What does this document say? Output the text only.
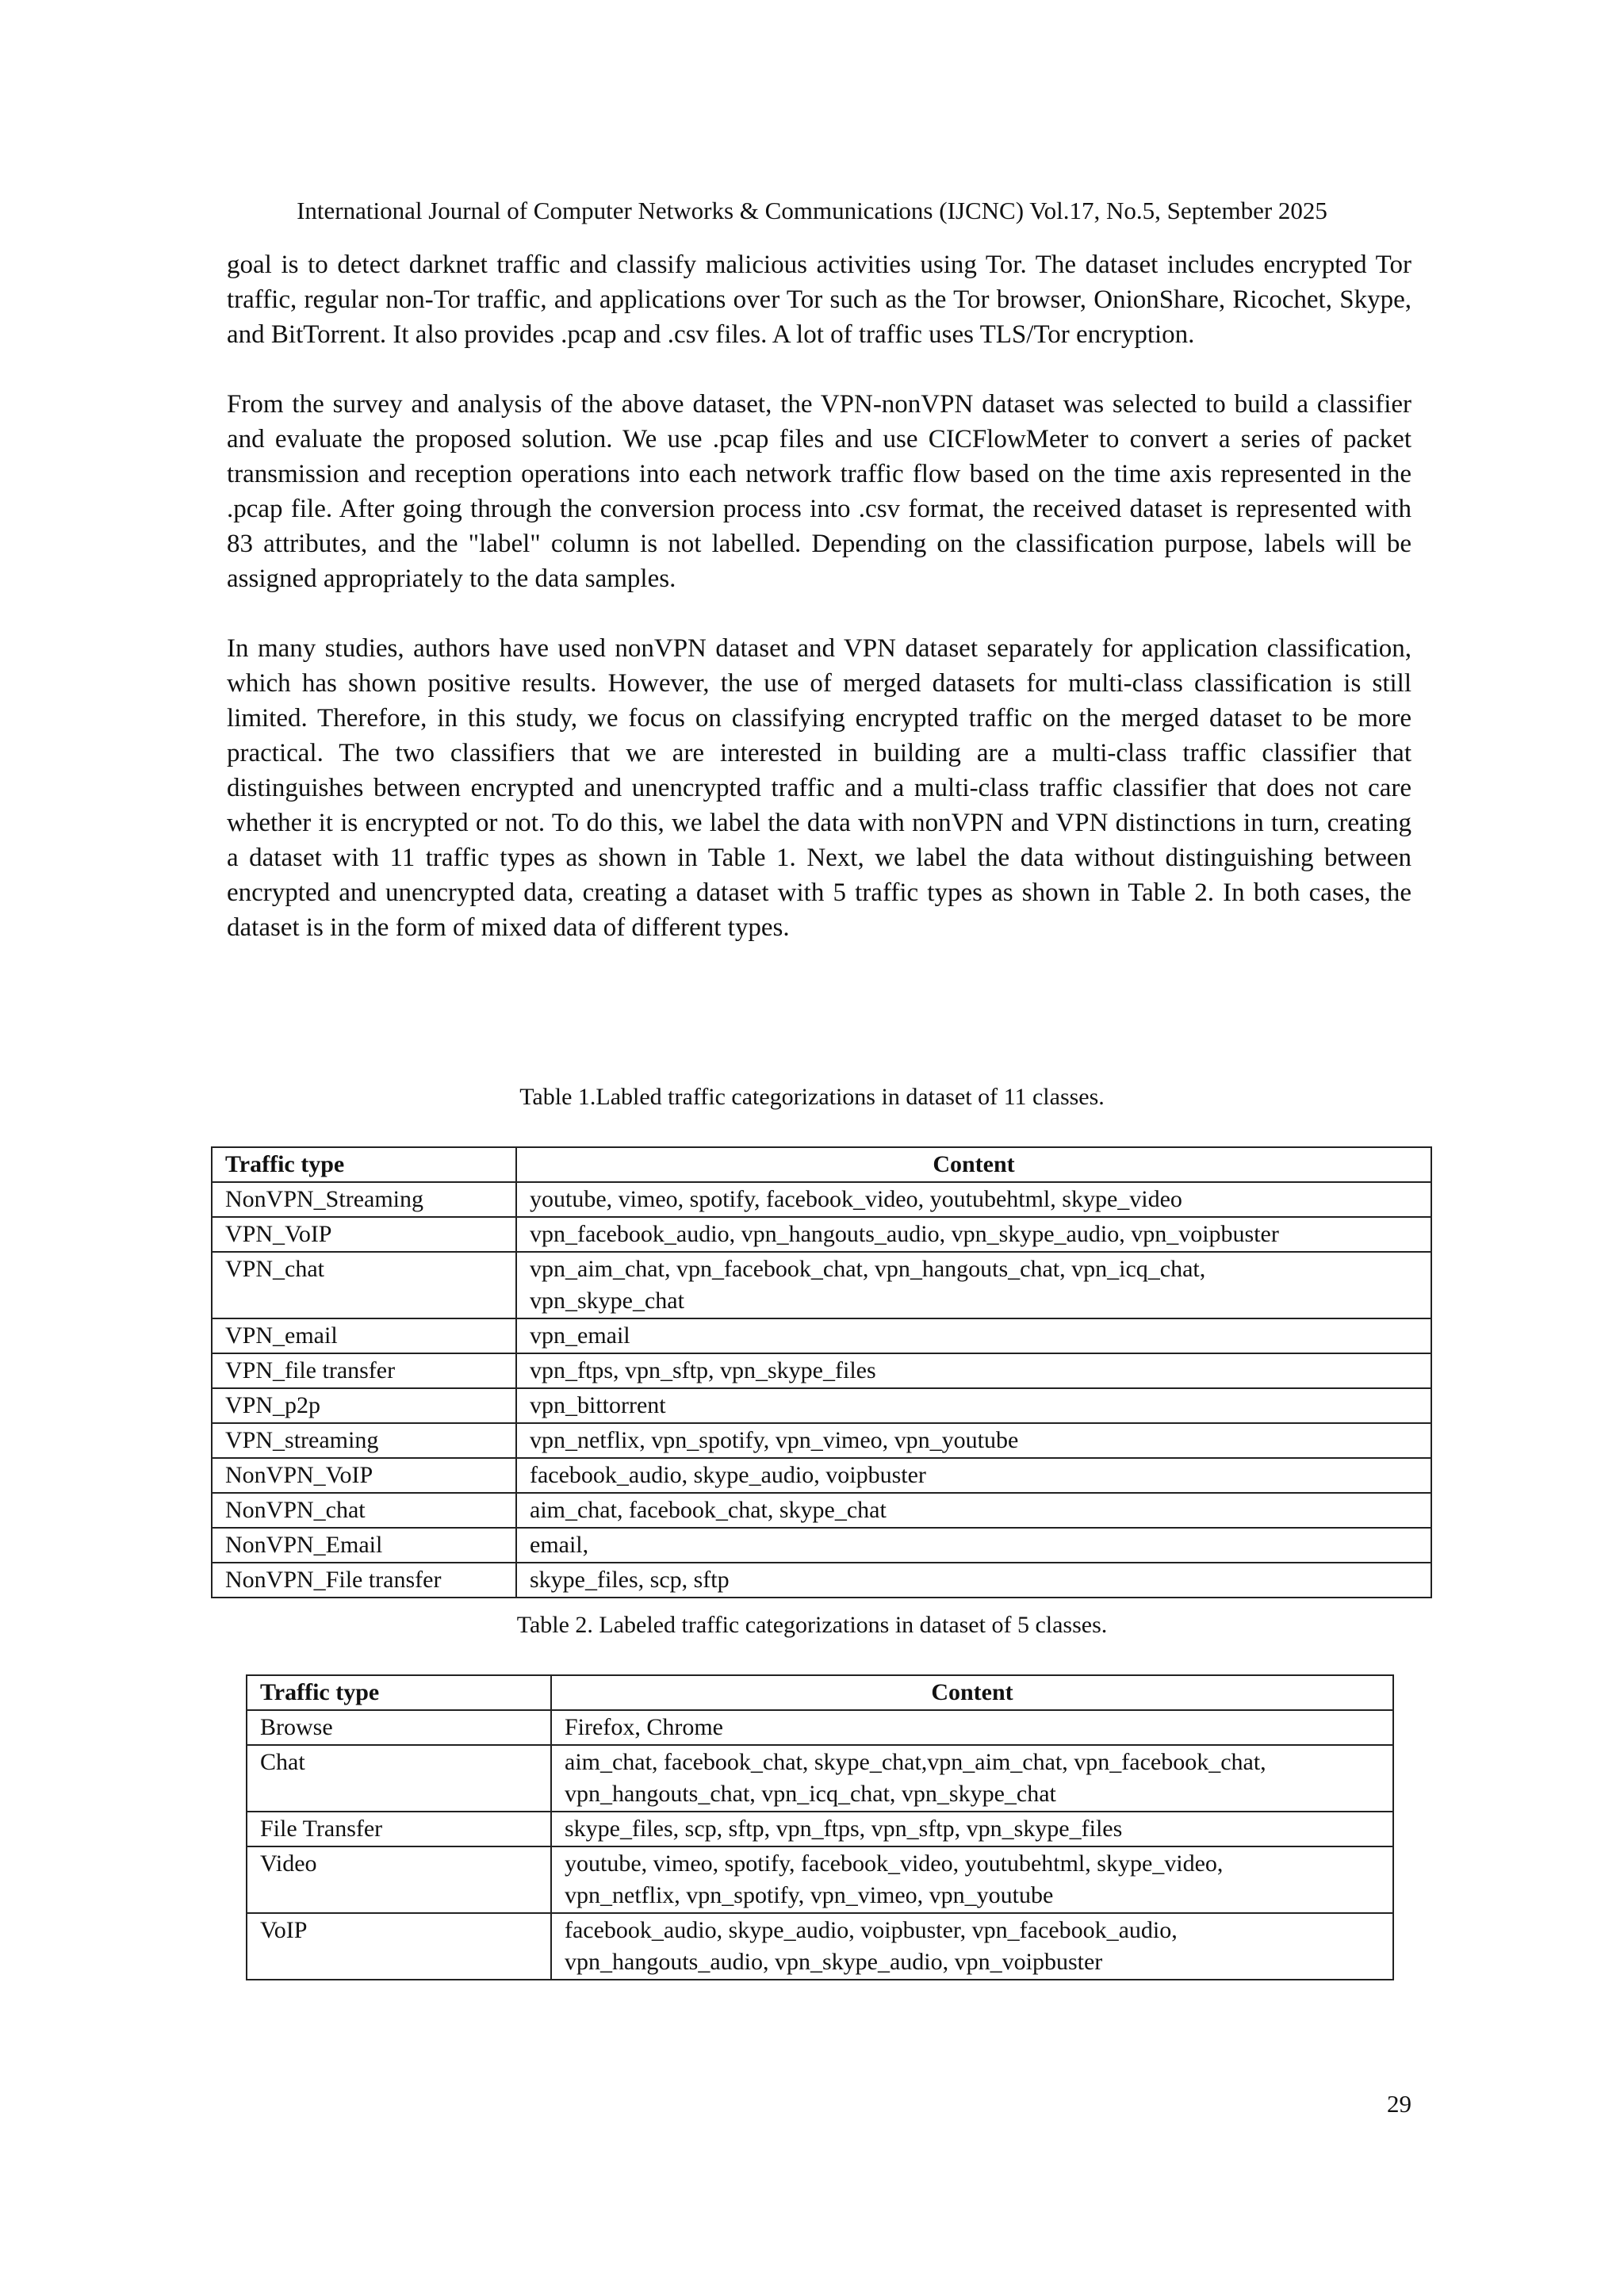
International Journal of Computer Networks & Communications (IJCNC) Vol.17, No.5, September 2025

goal is to detect darknet traffic and classify malicious activities using Tor. The dataset includes encrypted Tor traffic, regular non-Tor traffic, and applications over Tor such as the Tor browser, OnionShare, Ricochet, Skype, and BitTorrent. It also provides .pcap and .csv files. A lot of traffic uses TLS/Tor encryption.

From the survey and analysis of the above dataset, the VPN-nonVPN dataset was selected to build a classifier and evaluate the proposed solution. We use .pcap files and use CICFlowMeter to convert a series of packet transmission and reception operations into each network traffic flow based on the time axis represented in the .pcap file. After going through the conversion process into .csv format, the received dataset is represented with 83 attributes, and the "label" column is not labelled. Depending on the classification purpose, labels will be assigned appropriately to the data samples.

In many studies, authors have used nonVPN dataset and VPN dataset separately for application classification, which has shown positive results. However, the use of merged datasets for multi-class classification is still limited. Therefore, in this study, we focus on classifying encrypted traffic on the merged dataset to be more practical. The two classifiers that we are interested in building are a multi-class traffic classifier that distinguishes between encrypted and unencrypted traffic and a multi-class traffic classifier that does not care whether it is encrypted or not. To do this, we label the data with nonVPN and VPN distinctions in turn, creating a dataset with 11 traffic types as shown in Table 1. Next, we label the data without distinguishing between encrypted and unencrypted data, creating a dataset with 5 traffic types as shown in Table 2. In both cases, the dataset is in the form of mixed data of different types.

Table 1.Labled traffic categorizations in dataset of 11 classes.
Traffic type	Content
NonVPN_Streaming	youtube, vimeo, spotify, facebook_video, youtubehtml, skype_video

VPN_VoIP	vpn_facebook_audio, vpn_hangouts_audio, vpn_skype_audio, vpn_voipbuster

VPN_chat	vpn_aim_chat, vpn_facebook_chat, vpn_hangouts_chat, vpn_icq_chat,
vpn_skype_chat

VPN_email	vpn_email

VPN_file transfer	vpn_ftps, vpn_sftp, vpn_skype_files

VPN_p2p	vpn_bittorrent

VPN_streaming	vpn_netflix, vpn_spotify, vpn_vimeo, vpn_youtube

NonVPN_VoIP	facebook_audio, skype_audio, voipbuster

NonVPN_chat	aim_chat, facebook_chat, skype_chat

NonVPN_Email	email,

NonVPN_File transfer	skype_files, scp, sftp
Table 2. Labeled traffic categorizations in dataset of 5 classes.
Traffic type	Content
Browse	Firefox, Chrome

Chat	aim_chat, facebook_chat, skype_chat,vpn_aim_chat, vpn_facebook_chat,
vpn_hangouts_chat, vpn_icq_chat, vpn_skype_chat

File Transfer	skype_files, scp, sftp, vpn_ftps, vpn_sftp, vpn_skype_files

Video	youtube, vimeo, spotify, facebook_video, youtubehtml, skype_video,
vpn_netflix, vpn_spotify, vpn_vimeo, vpn_youtube

VoIP	facebook_audio, skype_audio, voipbuster, vpn_facebook_audio,
vpn_hangouts_audio, vpn_skype_audio, vpn_voipbuster
29
